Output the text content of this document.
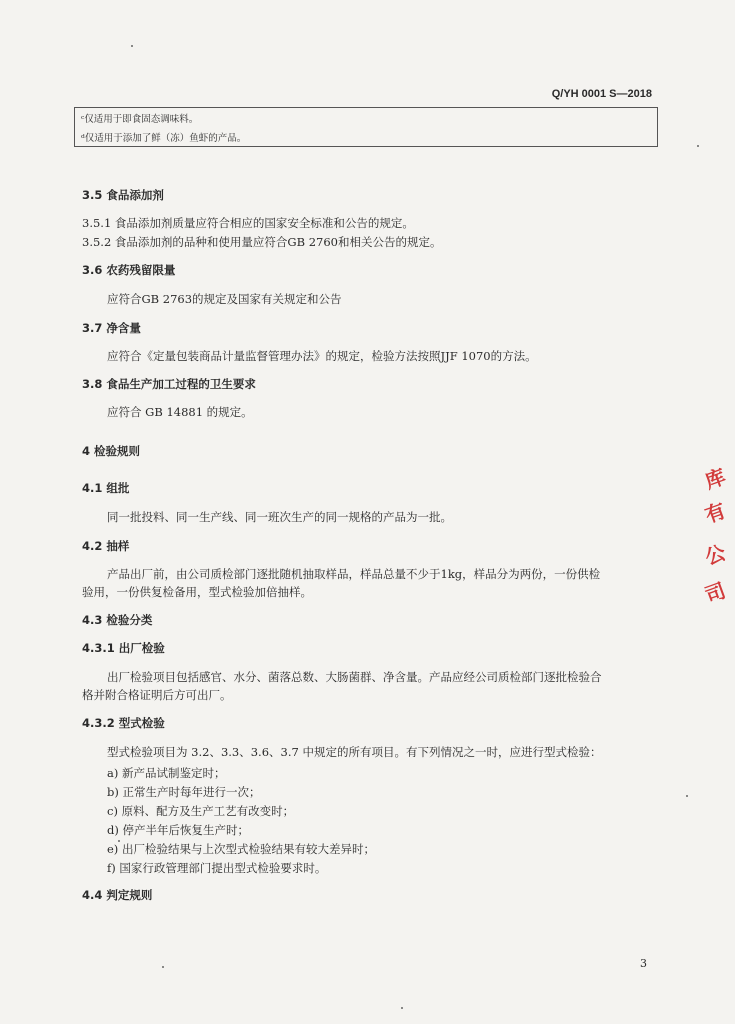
Q/YH 0001 S—2018
ᶜ仅适用于即食固态调味料。
ᵈ仅适用于添加了鲜（冻）鱼虾的产品。
3.5 食品添加剂
3.5.1 食品添加剂质量应符合相应的国家安全标准和公告的规定。
3.5.2 食品添加剂的品种和使用量应符合GB 2760和相关公告的规定。
3.6 农药残留限量
应符合GB 2763的规定及国家有关规定和公告
3.7 净含量
应符合《定量包装商品计量监督管理办法》的规定，检验方法按照JJF 1070的方法。
3.8 食品生产加工过程的卫生要求
应符合 GB 14881 的规定。
4 检验规则
4.1 组批
同一批投料、同一生产线、同一班次生产的同一规格的产品为一批。
4.2 抽样
产品出厂前，由公司质检部门逐批随机抽取样品，样品总量不少于1kg，样品分为两份，一份供检
验用，一份供复检备用，型式检验加倍抽样。
4.3 检验分类
4.3.1 出厂检验
出厂检验项目包括感官、水分、菌落总数、大肠菌群、净含量。产品应经公司质检部门逐批检验合
格并附合格证明后方可出厂。
4.3.2 型式检验
型式检验项目为 3.2、3.3、3.6、3.7 中规定的所有项目。有下列情况之一时，应进行型式检验：
a) 新产品试制鉴定时；
b) 正常生产时每年进行一次；
c) 原料、配方及生产工艺有改变时；
d) 停产半年后恢复生产时；
e) 出厂检验结果与上次型式检验结果有较大差异时；
f) 国家行政管理部门提出型式检验要求时。
4.4 判定规则
3
库
有
公
司
